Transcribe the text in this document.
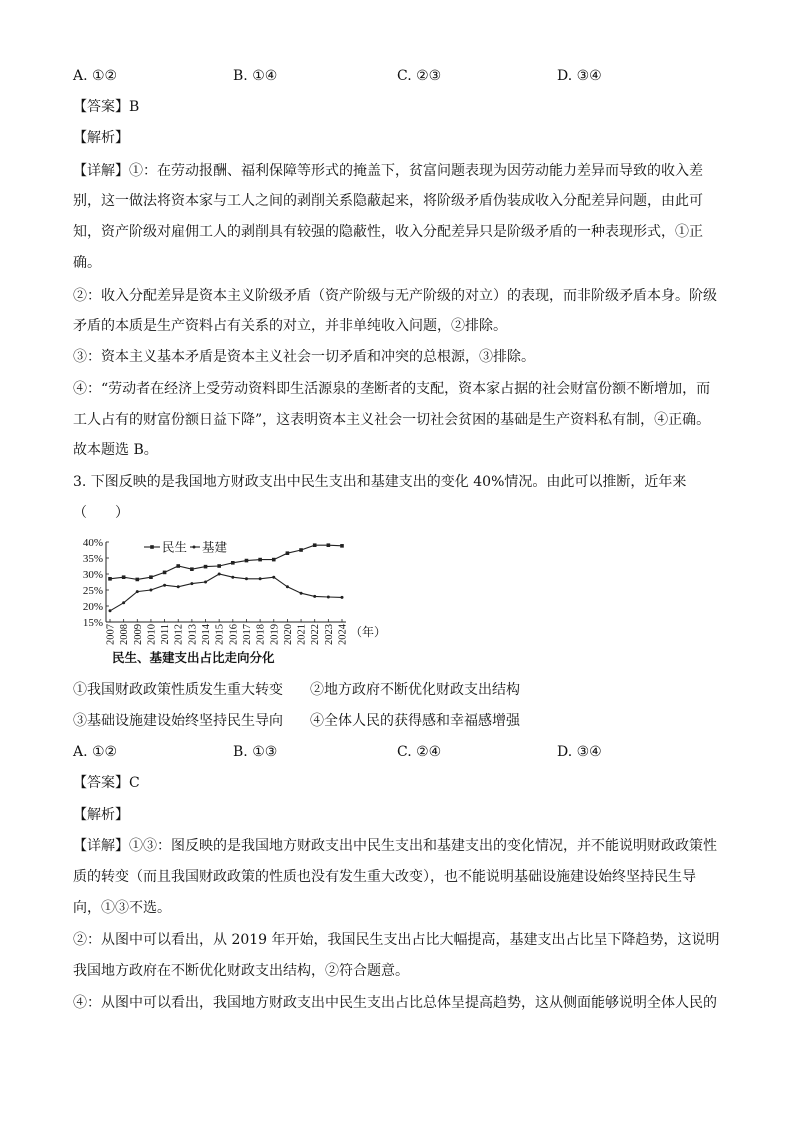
A. ①②	B. ①④	C. ②③	D. ③④
【答案】B
【解析】
【详解】①：在劳动报酬、福利保障等形式的掩盖下，贫富问题表现为因劳动能力差异而导致的收入差
别，这一做法将资本家与工人之间的剥削关系隐蔽起来，将阶级矛盾伪装成收入分配差异问题，由此可
知，资产阶级对雇佣工人的剥削具有较强的隐蔽性，收入分配差异只是阶级矛盾的一种表现形式，①正
确。
②：收入分配差异是资本主义阶级矛盾（资产阶级与无产阶级的对立）的表现，而非阶级矛盾本身。阶级
矛盾的本质是生产资料占有关系的对立，并非单纯收入问题，②排除。
③：资本主义基本矛盾是资本主义社会一切矛盾和冲突的总根源，③排除。
④：“劳动者在经济上受劳动资料即生活源泉的垄断者的支配，资本家占据的社会财富份额不断增加，而
工人占有的财富份额日益下降”，这表明资本主义社会一切社会贫困的基础是生产资料私有制，④正确。
故本题选 B。
3. 下图反映的是我国地方财政支出中民生支出和基建支出的变化 40%情况。由此可以推断，近年来
（　　）
15%
20%
25%
30%
35%
40%
2007 2008 2009 2010 2011 2012 2013 2014 2015 2016 2017 2018 2019 2020 2021 2022 2023 2024 （年）
民生 基建
民生、基建支出占比走向分化
①我国财政政策性质发生重大转变 ②地方政府不断优化财政支出结构
③基础设施建设始终坚持民生导向 ④全体人民的获得感和幸福感增强
A. ①②	B. ①③	C. ②④	D. ③④
【答案】C
【解析】
【详解】①③：图反映的是我国地方财政支出中民生支出和基建支出的变化情况，并不能说明财政政策性
质的转变（而且我国财政政策的性质也没有发生重大改变），也不能说明基础设施建设始终坚持民生导
向，①③不选。
②：从图中可以看出，从 2019 年开始，我国民生支出占比大幅提高，基建支出占比呈下降趋势，这说明
我国地方政府在不断优化财政支出结构，②符合题意。
④：从图中可以看出，我国地方财政支出中民生支出占比总体呈提高趋势，这从侧面能够说明全体人民的
